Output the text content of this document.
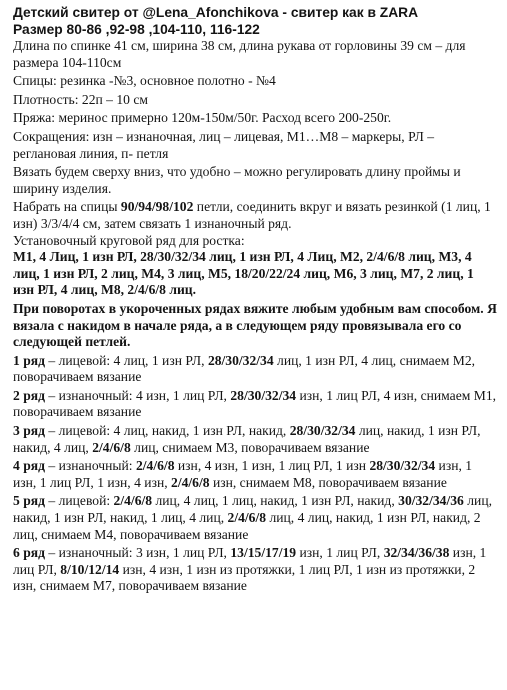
Детский свитер от @Lena_Afonchikova - свитер как в ZARA
Размер 80-86 ,92-98 ,104-110, 116-122
Длина по спинке 41 см, ширина 38 см, длина рукава от горловины 39 см – для размера 104-110см
Спицы: резинка -№3, основное полотно - №4
Плотность: 22п – 10 см
Пряжа: меринос примерно 120м-150м/50г. Расход всего 200-250г.
Сокращения: изн – изнаночная, лиц – лицевая, М1…М8 – маркеры, РЛ – реглановая линия, п- петля
Вязать будем сверху вниз, что удобно – можно регулировать длину проймы и ширину изделия.
Набрать на спицы 90/94/98/102 петли, соединить вкруг и вязать резинкой (1 лиц, 1 изн) 3/3/4/4 см, затем связать 1 изнаночный ряд.
Установочный круговой ряд для ростка:
М1, 4 Лиц, 1 изн РЛ, 28/30/32/34 лиц, 1 изн РЛ, 4 Лиц, М2, 2/4/6/8 лиц, М3, 4 лиц, 1 изн РЛ, 2 лиц, М4, 3 лиц, М5, 18/20/22/24 лиц, М6, 3 лиц, М7, 2 лиц, 1 изн РЛ, 4 лиц, М8, 2/4/6/8 лиц.
При поворотах в укороченных рядах вяжите любым удобным вам способом. Я вязала с накидом в начале ряда, а в следующем ряду провязывала его со следующей петлей.
1 ряд – лицевой: 4 лиц, 1 изн РЛ, 28/30/32/34 лиц, 1 изн РЛ, 4 лиц, снимаем М2, поворачиваем вязание
2 ряд – изнаночный: 4 изн, 1 лиц РЛ, 28/30/32/34 изн, 1 лиц РЛ, 4 изн, снимаем М1, поворачиваем вязание
3 ряд – лицевой: 4 лиц, накид, 1 изн РЛ, накид, 28/30/32/34 лиц, накид, 1 изн РЛ, накид, 4 лиц, 2/4/6/8 лиц, снимаем М3, поворачиваем вязание
4 ряд – изнаночный: 2/4/6/8 изн, 4 изн, 1 изн, 1 лиц РЛ, 1 изн 28/30/32/34 изн, 1 изн, 1 лиц РЛ, 1 изн, 4 изн, 2/4/6/8 изн, снимаем М8, поворачиваем вязание
5 ряд – лицевой: 2/4/6/8 лиц, 4 лиц, 1 лиц, накид, 1 изн РЛ, накид, 30/32/34/36 лиц, накид, 1 изн РЛ, накид, 1 лиц, 4 лиц, 2/4/6/8 лиц, 4 лиц, накид, 1 изн РЛ, накид, 2 лиц, снимаем М4, поворачиваем вязание
6 ряд – изнаночный: 3 изн, 1 лиц РЛ, 13/15/17/19 изн, 1 лиц РЛ, 32/34/36/38 изн, 1 лиц РЛ, 8/10/12/14 изн, 4 изн, 1 изн из протяжки, 1 лиц РЛ, 1 изн из протяжки, 2 изн, снимаем М7, поворачиваем вязание
